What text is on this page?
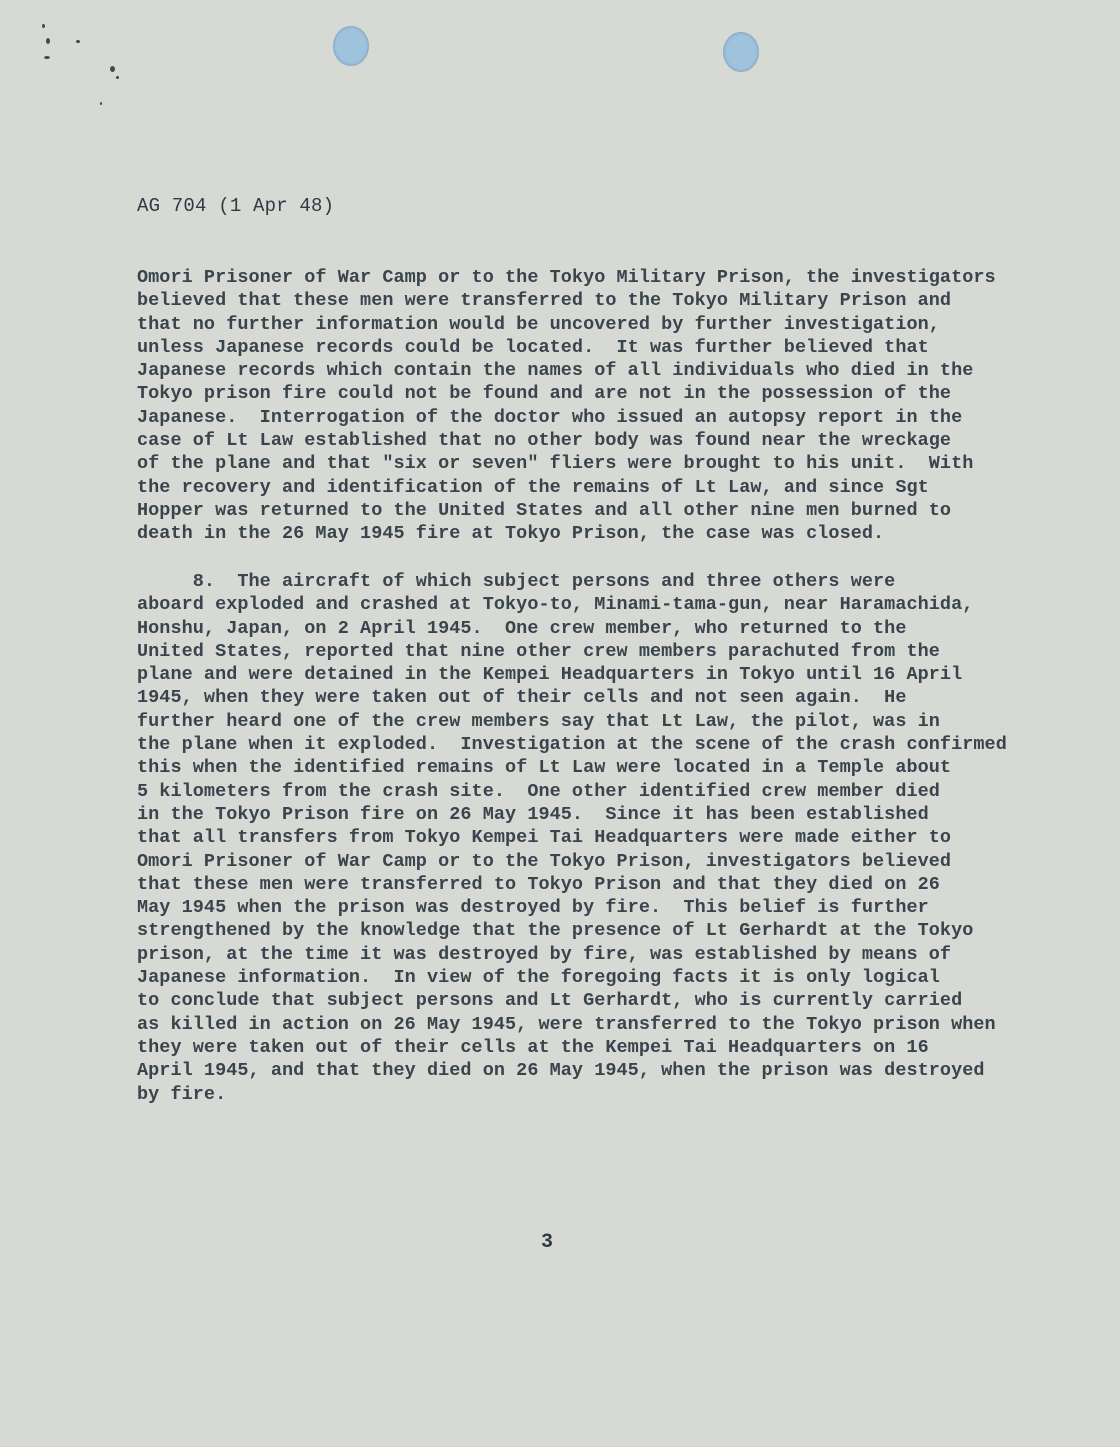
AG 704 (1 Apr 48)
Omori Prisoner of War Camp or to the Tokyo Military Prison, the investigators
believed that these men were transferred to the Tokyo Military Prison and
that no further information would be uncovered by further investigation,
unless Japanese records could be located.  It was further believed that
Japanese records which contain the names of all individuals who died in the
Tokyo prison fire could not be found and are not in the possession of the
Japanese.  Interrogation of the doctor who issued an autopsy report in the
case of Lt Law established that no other body was found near the wreckage
of the plane and that "six or seven" fliers were brought to his unit.  With
the recovery and identification of the remains of Lt Law, and since Sgt
Hopper was returned to the United States and all other nine men burned to
death in the 26 May 1945 fire at Tokyo Prison, the case was closed.
8.  The aircraft of which subject persons and three others were
aboard exploded and crashed at Tokyo-to, Minami-tama-gun, near Haramachida,
Honshu, Japan, on 2 April 1945.  One crew member, who returned to the
United States, reported that nine other crew members parachuted from the
plane and were detained in the Kempei Headquarters in Tokyo until 16 April
1945, when they were taken out of their cells and not seen again.  He
further heard one of the crew members say that Lt Law, the pilot, was in
the plane when it exploded.  Investigation at the scene of the crash confirmed
this when the identified remains of Lt Law were located in a Temple about
5 kilometers from the crash site.  One other identified crew member died
in the Tokyo Prison fire on 26 May 1945.  Since it has been established
that all transfers from Tokyo Kempei Tai Headquarters were made either to
Omori Prisoner of War Camp or to the Tokyo Prison, investigators believed
that these men were transferred to Tokyo Prison and that they died on 26
May 1945 when the prison was destroyed by fire.  This belief is further
strengthened by the knowledge that the presence of Lt Gerhardt at the Tokyo
prison, at the time it was destroyed by fire, was established by means of
Japanese information.  In view of the foregoing facts it is only logical
to conclude that subject persons and Lt Gerhardt, who is currently carried
as killed in action on 26 May 1945, were transferred to the Tokyo prison when
they were taken out of their cells at the Kempei Tai Headquarters on 16
April 1945, and that they died on 26 May 1945, when the prison was destroyed
by fire.
3
